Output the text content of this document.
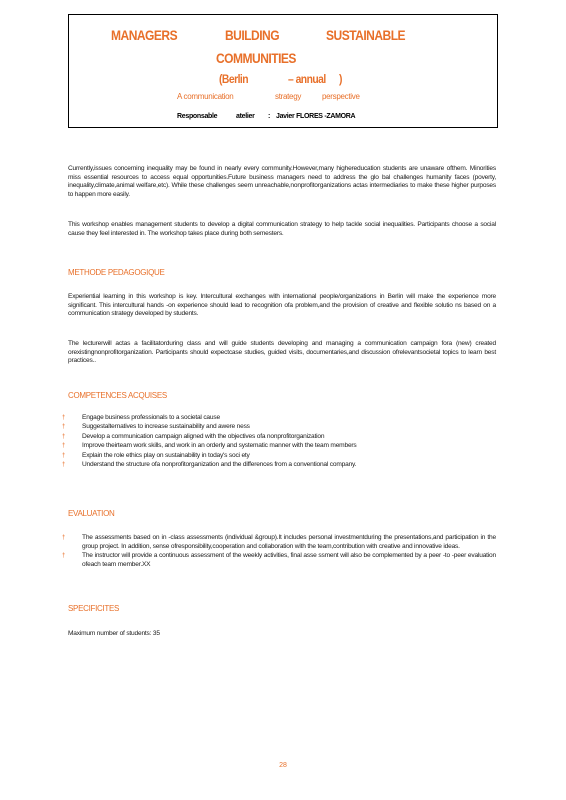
MANAGERS	BUILDING	SUSTAINABLE
COMMUNITIES
(Berlin	– annual )
A communication	strategy	perspective
Responsable	atelier : Javier FLORES -ZAMORA
Currently,issues concerning inequality may be found in nearly every community.However,many highereducation students are unaware ofthem. Minorities miss essential resources to access equal opportunities.Future business managers need to address the glo bal challenges humanity faces (poverty, inequality,climate,animal welfare,etc). While these challenges seem unreachable,nonprofitorganizations actas intermediaries to make these higher purposes to happen more easily.
This workshop enables management students to develop a digital communication strategy to help tackle social inequalities. Participants choose a social cause they feel interested in. The workshop takes place during both semesters.
METHODE PEDAGOGIQUE
Experiential learning in this workshop is key. Intercultural exchanges with international people/organizations in Berlin will make the experience more significant. This intercultural hands -on experience should lead to recognition ofa problem,and the provision of creative and flexible solutio ns based on a communication strategy developed by students.
The lecturerwill actas a facilitatorduring class and will guide students developing and managing a communication campaign fora (new) created orexistingnonprofitorganization. Participants should expectcase studies, guided visits, documentaries,and discussion ofrelevantsocietal topics to learn best practices..
COMPETENCES ACQUISES
†	Engage business professionals to a societal cause
†	Suggestalternatives to increase sustainability and awere ness
†	Develop a communication campaign aligned with the objectives ofa nonprofitorganization
†	Improve theirteam work skills, and work in an orderly and systematic manner with the team members
†	Explain the role ethics play on sustainability in today's soci ety
†	Understand the structure ofa nonprofitorganization and the differences from a conventional company.
EVALUATION
†	The assessments based on in -class assessments (individual &group).It includes personal investmentduring the presentations,and participation in the group project. In addition, sense ofresponsibility,cooperation and collaboration with the team,contribution with creative and innovative ideas.
†	The instructor will provide a continuous assessment of the weekly activities, final asse ssment will also be complemented by a peer -to -peer evaluation ofeach team member.XX
SPECIFICITES
Maximum number of students: 35
28
